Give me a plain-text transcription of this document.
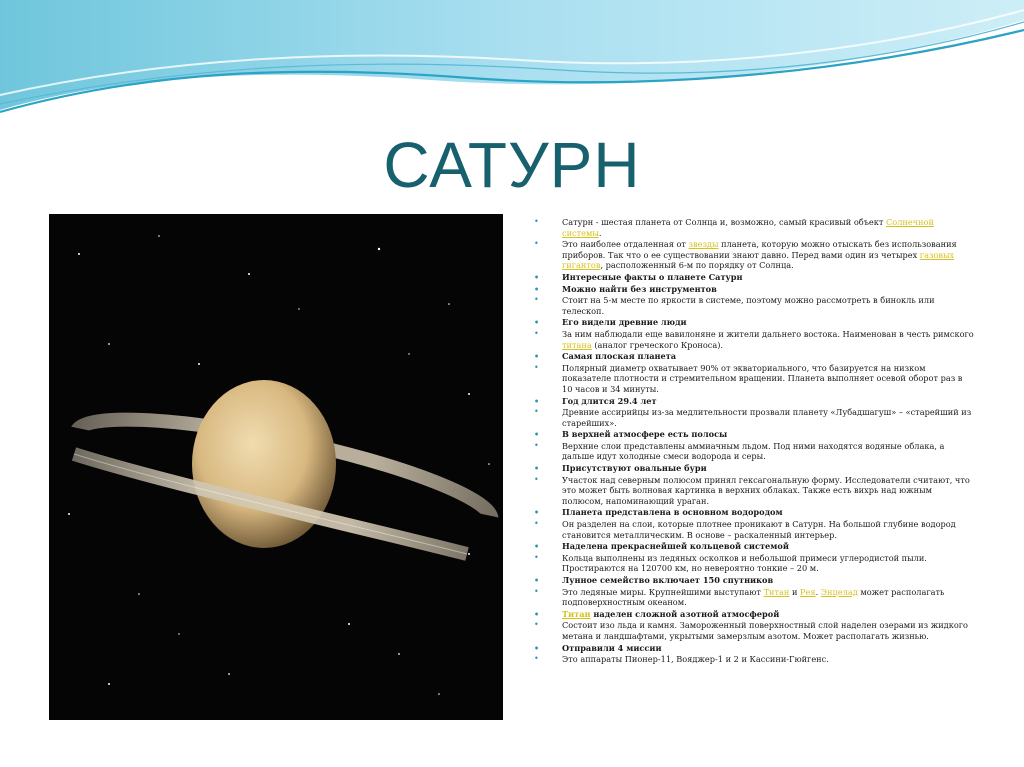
САТУРН
• Сатурн - шестая планета от Солнца и, возможно, самый красивый объект Солнечной системы.
• Это наиболее отдаленная от звезды планета, которую можно отыскать без использования приборов. Так что о ее существовании знают давно. Перед вами один из четырех газовых гигантов, расположенный 6-м по порядку от Солнца.
• Интересные факты о планете Сатурн
• Можно найти без инструментов
• Стоит на 5-м месте по яркости в системе, поэтому можно рассмотреть в бинокль или телескоп.
• Его видели древние люди
• За ним наблюдали еще вавилоняне и жители дальнего востока. Наименован в честь римского титана (аналог греческого Кроноса).
• Самая плоская планета
• Полярный диаметр охватывает 90% от экваториального, что базируется на низком показателе плотности и стремительном вращении. Планета выполняет осевой оборот раз в 10 часов и 34 минуты.
• Год длится 29.4 лет
• Древние ассирийцы из-за медлительности прозвали планету «Лубадшагуш» – «старейший из старейших».
• В верхней атмосфере есть полосы
• Верхние слои представлены аммиачным льдом. Под ними находятся водяные облака, а дальше идут холодные смеси водорода и серы.
• Присутствуют овальные бури
• Участок над северным полюсом принял гексагональную форму. Исследователи считают, что это может быть волновая картинка в верхних облаках. Также есть вихрь над южным полюсом, напоминающий ураган.
• Планета представлена в основном водородом
• Он разделен на слои, которые плотнее проникают в Сатурн. На большой глубине водород становится металлическим. В основе – раскаленный интерьер.
• Наделена прекраснейшей кольцевой системой
• Кольца выполнены из ледяных осколков и небольшой примеси углеродистой пыли. Простираются на 120700 км, но невероятно тонкие – 20 м.
• Лунное семейство включает 150 спутников
• Это ледяные миры. Крупнейшими выступают Титан и Рея. Энцелад может располагать подповерхностным океаном.
• Титан наделен сложной азотной атмосферой
• Состоит изо льда и камня. Замороженный поверхностный слой наделен озерами из жидкого метана и ландшафтами, укрытыми замерзлым азотом. Может располагать жизнью.
• Отправили 4 миссии
• Это аппараты Пионер-11, Вояджер-1 и 2 и Кассини-Гюйгенс.
